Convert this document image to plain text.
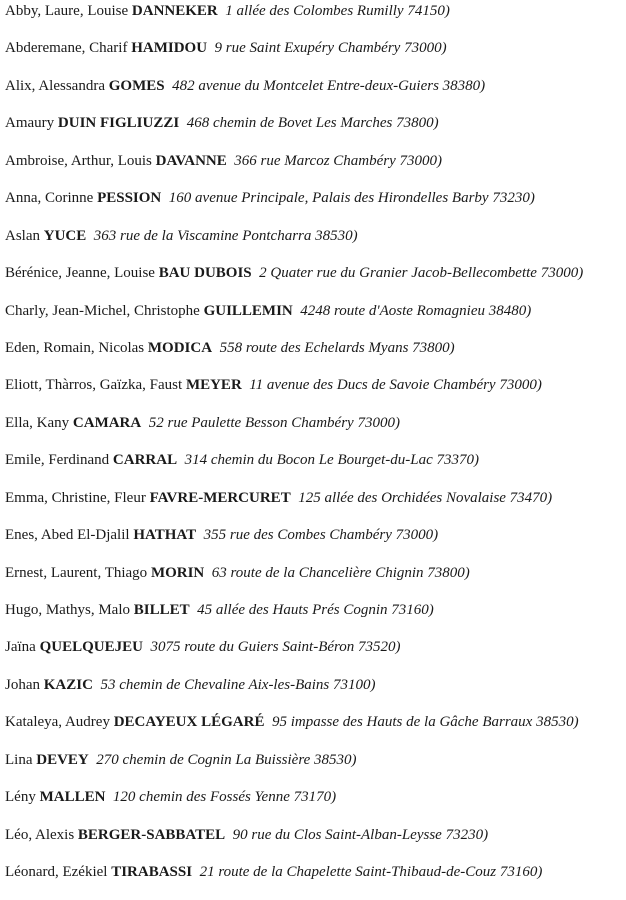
Abby, Laure, Louise DANNEKER 1 allée des Colombes Rumilly 74150)
Abderemane, Charif HAMIDOU 9 rue Saint Exupéry Chambéry 73000)
Alix, Alessandra GOMES 482 avenue du Montcelet Entre-deux-Guiers 38380)
Amaury DUIN FIGLIUZZI 468 chemin de Bovet Les Marches 73800)
Ambroise, Arthur, Louis DAVANNE 366 rue Marcoz Chambéry 73000)
Anna, Corinne PESSION 160 avenue Principale, Palais des Hirondelles Barby 73230)
Aslan YUCE 363 rue de la Viscamine Pontcharra 38530)
Bérénice, Jeanne, Louise BAU DUBOIS 2 Quater rue du Granier Jacob-Bellecombette 73000)
Charly, Jean-Michel, Christophe GUILLEMIN 4248 route d'Aoste Romagnieu 38480)
Eden, Romain, Nicolas MODICA 558 route des Echelards Myans 73800)
Eliott, Thàrros, Gaïzka, Faust MEYER 11 avenue des Ducs de Savoie Chambéry 73000)
Ella, Kany CAMARA 52 rue Paulette Besson Chambéry 73000)
Emile, Ferdinand CARRAL 314 chemin du Bocon Le Bourget-du-Lac 73370)
Emma, Christine, Fleur FAVRE-MERCURET 125 allée des Orchidées Novalaise 73470)
Enes, Abed El-Djalil HATHAT 355 rue des Combes Chambéry 73000)
Ernest, Laurent, Thiago MORIN 63 route de la Chancelière Chignin 73800)
Hugo, Mathys, Malo BILLET 45 allée des Hauts Prés Cognin 73160)
Jaïna QUELQUEJEU 3075 route du Guiers Saint-Béron 73520)
Johan KAZIC 53 chemin de Chevaline Aix-les-Bains 73100)
Kataleya, Audrey DECAYEUX LÉGARÉ 95 impasse des Hauts de la Gâche Barraux 38530)
Lina DEVEY 270 chemin de Cognin La Buissière 38530)
Lény MALLEN 120 chemin des Fossés Yenne 73170)
Léo, Alexis BERGER-SABBATEL 90 rue du Clos Saint-Alban-Leysse 73230)
Léonard, Ezékiel TIRABASSI 21 route de la Chapelette Saint-Thibaud-de-Couz 73160)
